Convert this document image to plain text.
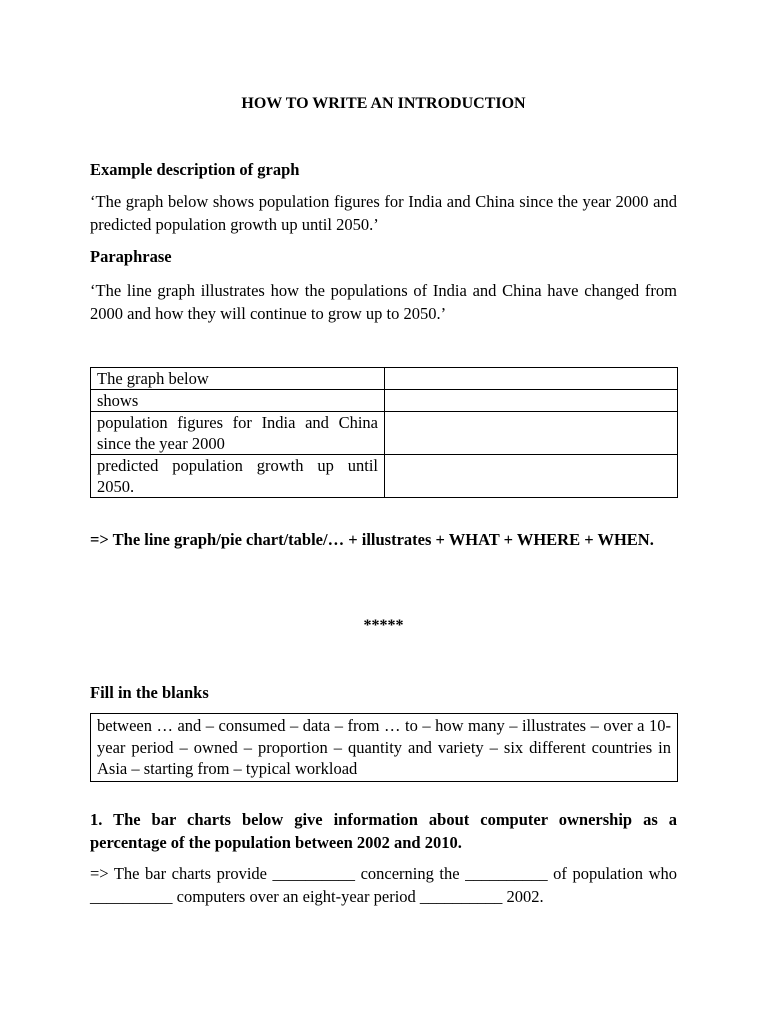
HOW TO WRITE AN INTRODUCTION

Example description of graph

‘The graph below shows population figures for India and China since the year 2000 and predicted population growth up until 2050.’

Paraphrase

‘The line graph illustrates how the populations of India and China have changed from 2000 and how they will continue to grow up to 2050.’

The graph below	
shows	
population figures for India and China since the year 2000	
predicted population growth up until 2050.	

=> The line graph/pie chart/table/… + illustrates + WHAT + WHERE + WHEN.

*****

Fill in the blanks

between … and – consumed – data – from … to – how many – illustrates – over a 10-year period – owned – proportion – quantity and variety – six different countries in Asia – starting from – typical workload

1. The bar charts below give information about computer ownership as a percentage of the population between 2002 and 2010.

=> The bar charts provide __________ concerning the __________ of population who __________ computers over an eight-year period __________ 2002.
